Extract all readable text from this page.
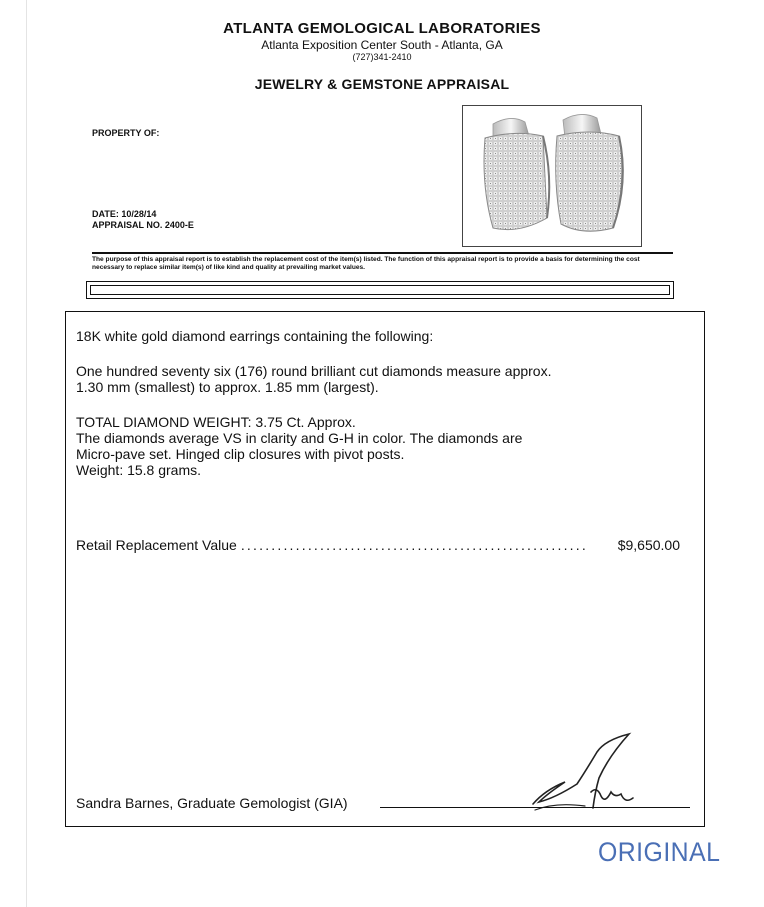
ATLANTA GEMOLOGICAL LABORATORIES
Atlanta Exposition Center South - Atlanta, GA
(727)341-2410
JEWELRY & GEMSTONE APPRAISAL
PROPERTY OF:
DATE: 10/28/14
APPRAISAL NO. 2400-E
The purpose of this appraisal report is to establish the replacement cost of the item(s) listed. The function of this appraisal report is to provide a basis for determining the cost necessary to replace similar item(s) of like kind and quality at prevailing market values.
18K white gold diamond earrings containing the following:
One hundred seventy six (176) round brilliant cut diamonds measure approx.
1.30 mm (smallest) to approx. 1.85 mm (largest).
TOTAL DIAMOND WEIGHT: 3.75 Ct. Approx.
The diamonds average VS in clarity and G-H in color. The diamonds are
Micro-pave set. Hinged clip closures with pivot posts.
Weight: 15.8 grams.
Retail Replacement Value .........................................................	$9,650.00
Sandra Barnes, Graduate Gemologist (GIA)
ORIGINAL
